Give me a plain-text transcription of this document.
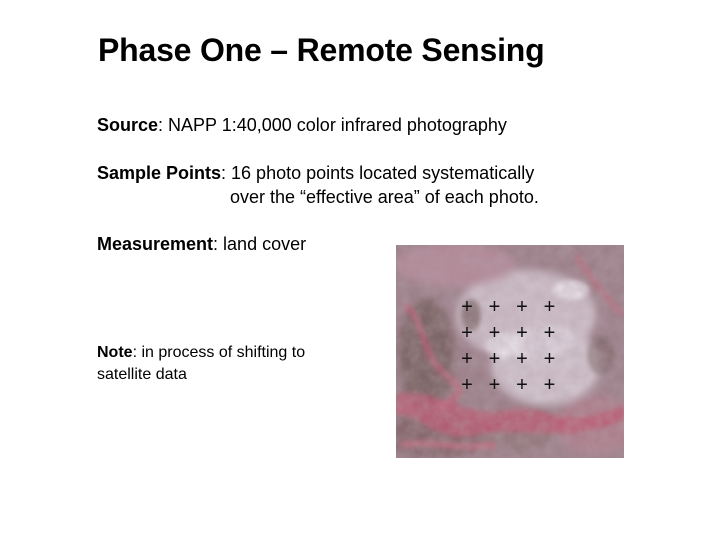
Phase One – Remote Sensing
Source: NAPP 1:40,000 color infrared photography
Sample Points: 16 photo points located systematically
over the “effective area” of each photo.
Measurement: land cover
Note: in process of shifting to
satellite data
+ + + +
+ + + +
+ + + +
+ + + +
